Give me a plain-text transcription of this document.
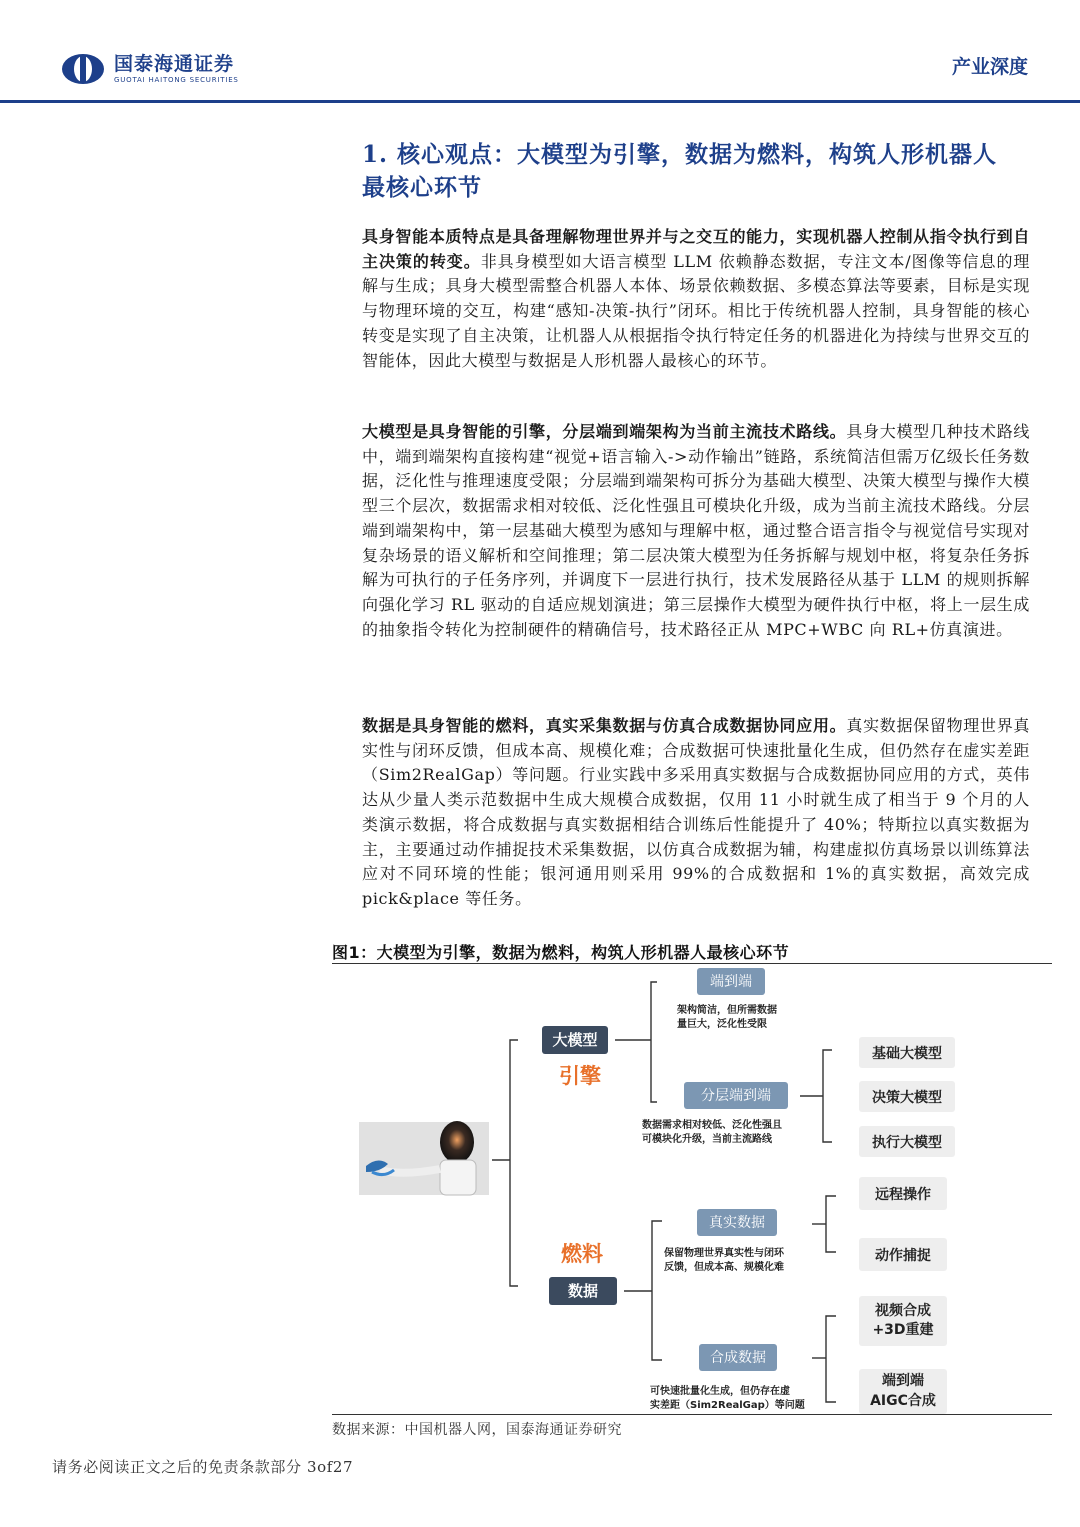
国泰海通证券
GUOTAI HAITONG SECURITIES
产业深度
1. 核心观点：大模型为引擎，数据为燃料，构筑人形机器人
最核心环节

具身智能本质特点是具备理解物理世界并与之交互的能力，实现机器人控制从指令执行到自主决策的转变。非具身模型如大语言模型 LLM 依赖静态数据，专注文本/图像等信息的理解与生成；具身大模型需整合机器人本体、场景依赖数据、多模态算法等要素，目标是实现与物理环境的交互，构建“感知-决策-执行”闭环。相比于传统机器人控制，具身智能的核心转变是实现了自主决策，让机器人从根据指令执行特定任务的机器进化为持续与世界交互的智能体，因此大模型与数据是人形机器人最核心的环节。

大模型是具身智能的引擎，分层端到端架构为当前主流技术路线。具身大模型几种技术路线中，端到端架构直接构建“视觉+语言输入->动作输出”链路，系统简洁但需万亿级长任务数据，泛化性与推理速度受限；分层端到端架构可拆分为基础大模型、决策大模型与操作大模型三个层次，数据需求相对较低、泛化性强且可模块化升级，成为当前主流技术路线。分层端到端架构中，第一层基础大模型为感知与理解中枢，通过整合语言指令与视觉信号实现对复杂场景的语义解析和空间推理；第二层决策大模型为任务拆解与规划中枢，将复杂任务拆解为可执行的子任务序列，并调度下一层进行执行，技术发展路径从基于 LLM 的规则拆解向强化学习 RL 驱动的自适应规划演进；第三层操作大模型为硬件执行中枢，将上一层生成的抽象指令转化为控制硬件的精确信号，技术路径正从 MPC+WBC 向 RL+仿真演进。

数据是具身智能的燃料，真实采集数据与仿真合成数据协同应用。真实数据保留物理世界真实性与闭环反馈，但成本高、规模化难；合成数据可快速批量化生成，但仍然存在虚实差距（Sim2RealGap）等问题。行业实践中多采用真实数据与合成数据协同应用的方式，英伟达从少量人类示范数据中生成大规模合成数据，仅用 11 小时就生成了相当于 9 个月的人类演示数据，将合成数据与真实数据相结合训练后性能提升了 40%；特斯拉以真实数据为主，主要通过动作捕捉技术采集数据，以仿真合成数据为辅，构建虚拟仿真场景以训练算法应对不同环境的性能；银河通用则采用 99%的合成数据和 1%的真实数据，高效完成 pick&place 等任务。

图1：大模型为引擎，数据为燃料，构筑人形机器人最核心环节
大模型
引擎
端到端
架构简洁，但所需数据
量巨大，泛化性受限
分层端到端
数据需求相对较低、泛化性强且
可模块化升级，当前主流路线
基础大模型
决策大模型
执行大模型
燃料
数据
真实数据
保留物理世界真实性与闭环
反馈，但成本高、规模化难
合成数据
可快速批量化生成，但仍存在虚
实差距（Sim2RealGap）等问题
远程操作
动作捕捉
视频合成
+3D重建
端到端
AIGC合成
数据来源：中国机器人网，国泰海通证券研究
请务必阅读正文之后的免责条款部分 3of27
